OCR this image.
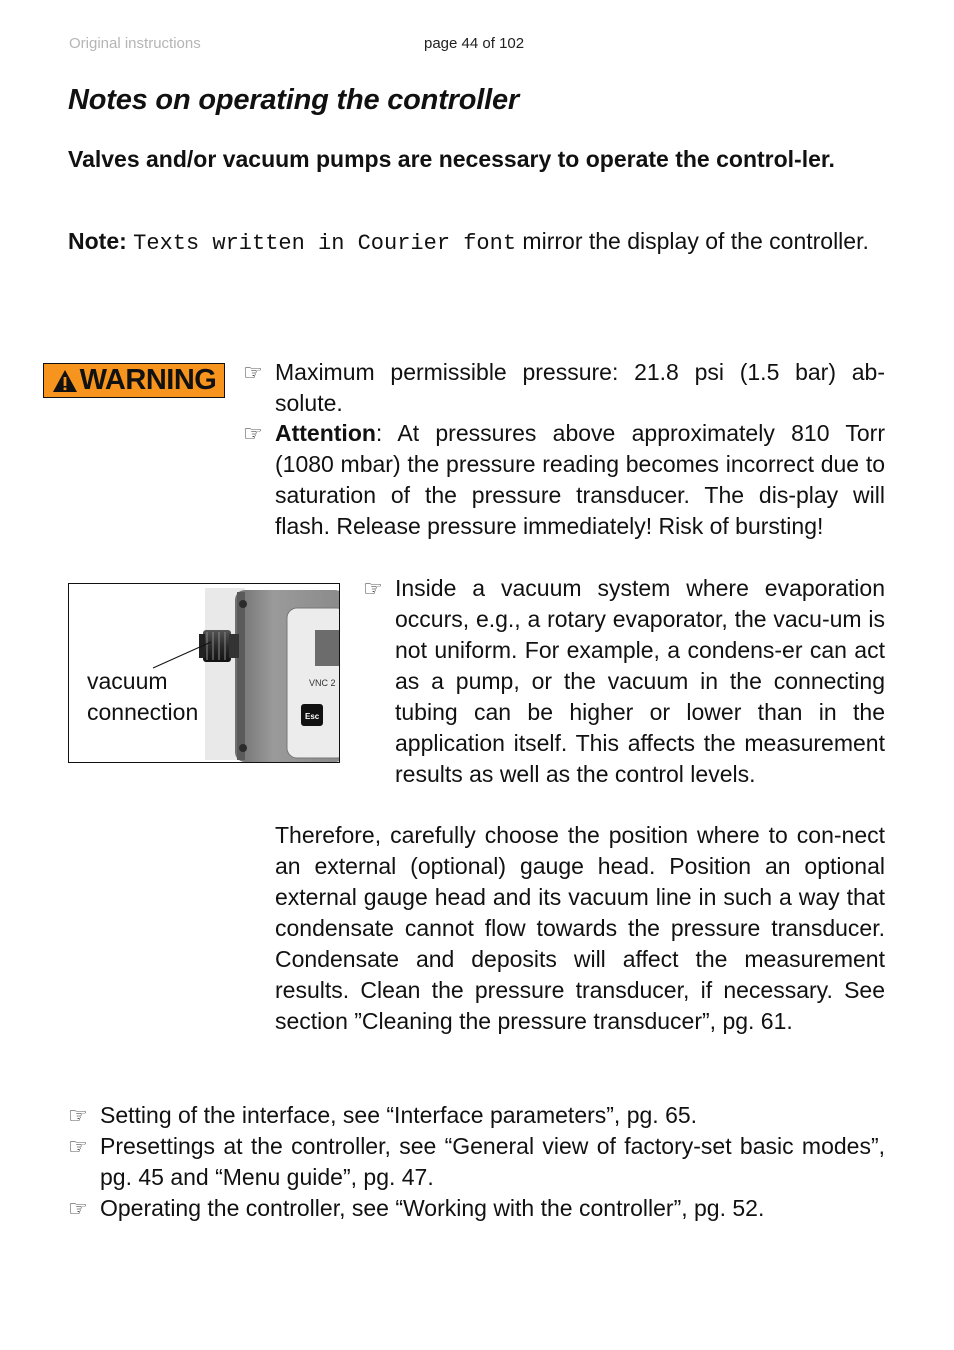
Original instructions	page 44 of 102
Notes on operating the controller

Valves and/or vacuum pumps are necessary to operate the control-ler.

Note: Texts written in Courier font mirror the display of the controller.

WARNING ☞ Maximum permissible pressure: 21.8 psi (1.5 bar) ab-solute.
☞ Attention: At pressures above approximately 810 Torr (1080 mbar) the pressure reading becomes incorrect due to saturation of the pressure transducer. The dis-play will flash. Release pressure immediately! Risk of bursting!
VNC 2
Esc
vacuum
connection
☞ Inside a vacuum system where evaporation occurs, e.g., a rotary evaporator, the vacu-um is not uniform. For example, a condens-er can act as a pump, or the vacuum in the connecting tubing can be higher or lower than in the application itself. This affects the measurement results as well as the control levels.
Therefore, carefully choose the position where to con-nect an external (optional) gauge head. Position an optional external gauge head and its vacuum line in such a way that condensate cannot flow towards the pressure transducer. Condensate and deposits will affect the measurement results. Clean the pressure transducer, if necessary. See section ”Cleaning the pressure transducer”, pg. 61.
☞ Setting of the interface, see “Interface parameters”, pg. 65.
☞ Presettings at the controller, see “General view of factory-set basic modes”, pg. 45 and “Menu guide”, pg. 47.
☞ Operating the controller, see “Working with the controller”, pg. 52.
